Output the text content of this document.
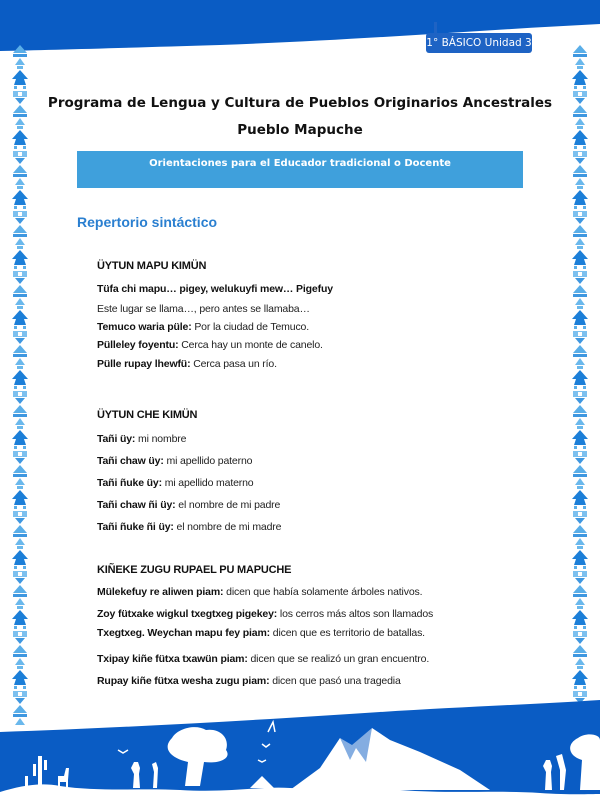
1° BÁSICO Unidad 3
Programa de Lengua y Cultura de Pueblos Originarios Ancestrales
Pueblo Mapuche
Orientaciones para el Educador tradicional o Docente
Repertorio sintáctico
ÜYTUN MAPU KIMÜN
Tüfa chi mapu… pigey, welukuyfi mew… Pigefuy
Este lugar se llama…, pero antes se llamaba…
Temuco waria püle: Por la ciudad de Temuco.
Pülleley foyentu: Cerca hay un monte de canelo.
Pülle rupay lhewfü: Cerca pasa un río.
ÜYTUN CHE KIMÜN
Tañi üy: mi nombre
Tañi chaw üy: mi apellido paterno
Tañi ñuke üy: mi apellido materno
Tañi chaw ñi üy: el nombre de mi padre
Tañi ñuke ñi üy: el nombre de mi madre
KIÑEKE ZUGU RUPAEL PU MAPUCHE
Mülekefuy re aliwen piam: dicen que había solamente árboles nativos.
Zoy fütxake wigkul txegtxeg pigekey: los cerros más altos son llamados
Txegtxeg. Weychan mapu fey piam: dicen que es territorio de batallas.
Txipay kiñe fütxa txawün piam: dicen que se realizó un gran encuentro.
Rupay kiñe fütxa wesha zugu piam: dicen que pasó una tragedia
